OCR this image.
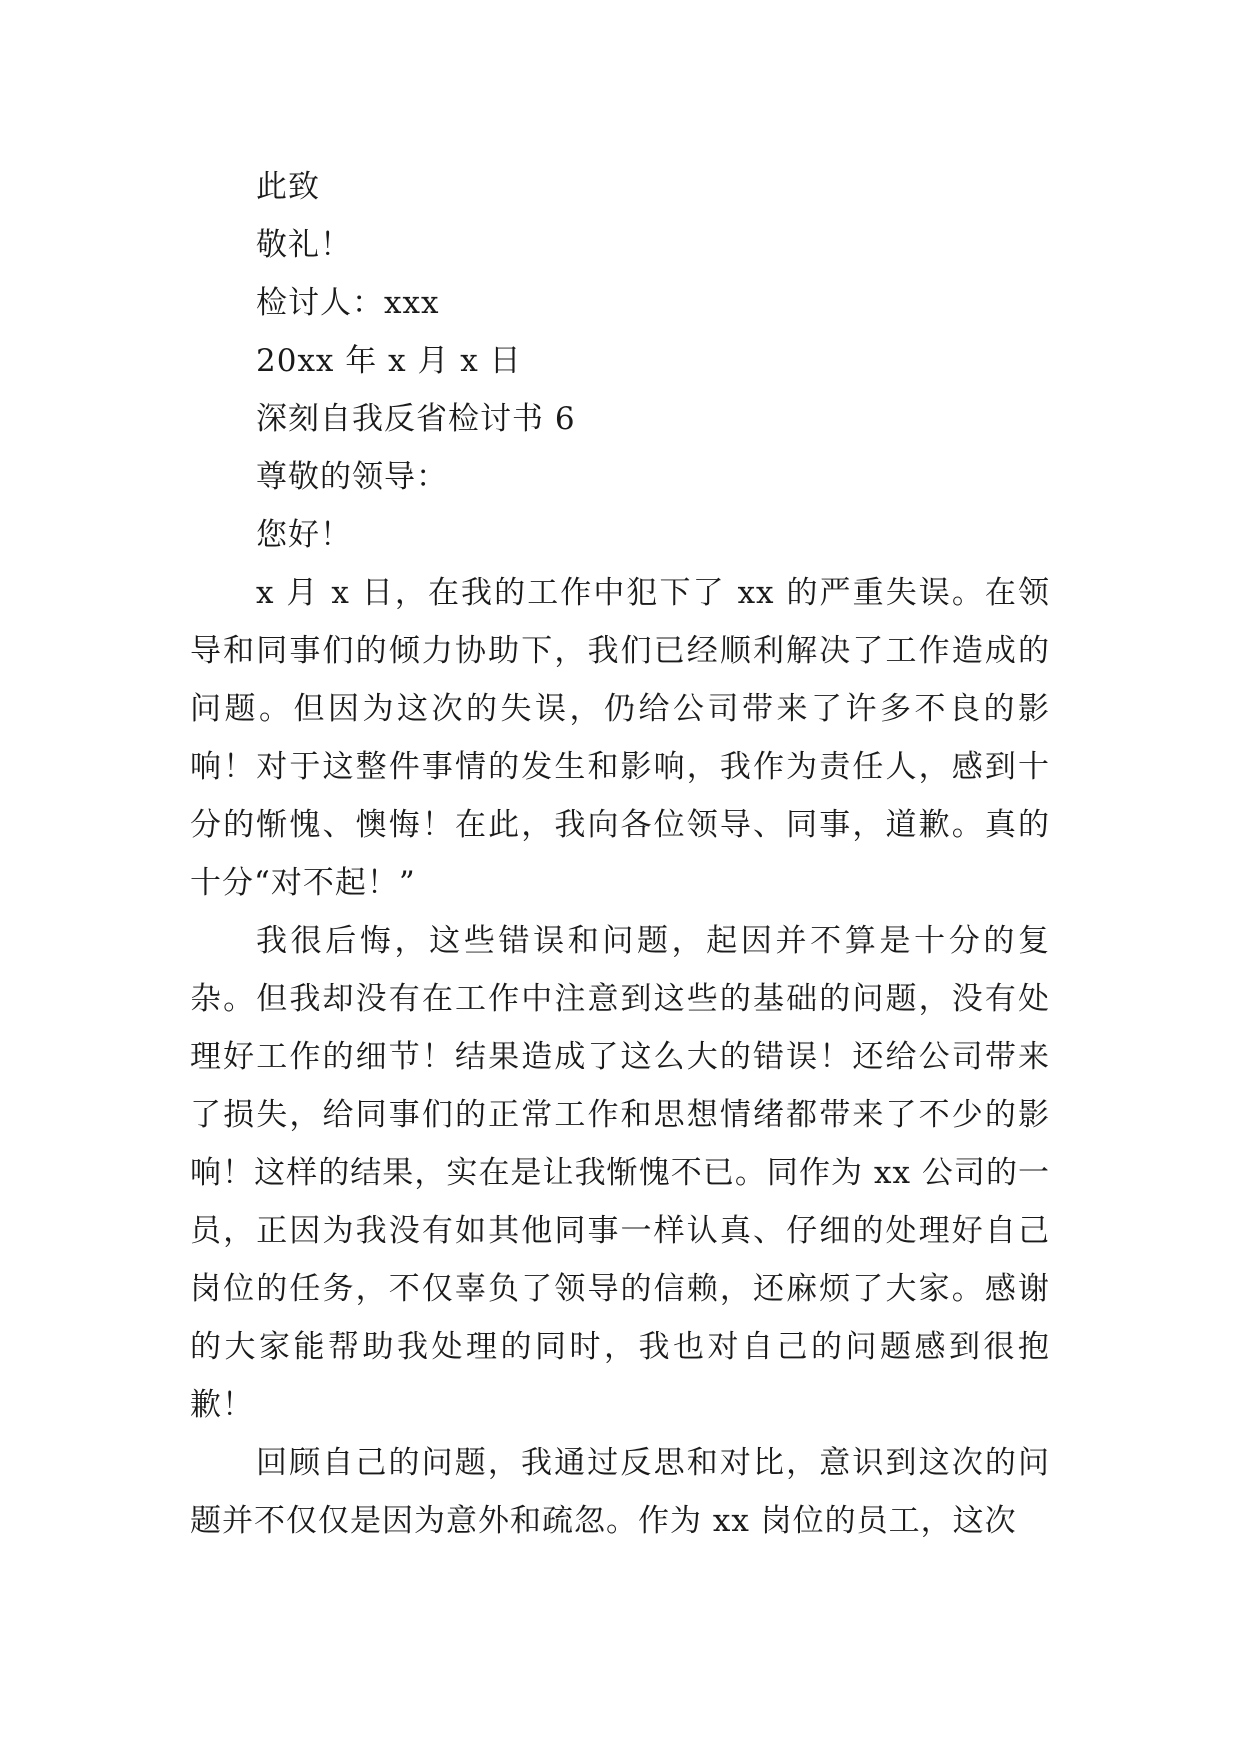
此致
敬礼！
检讨人：xxx
20xx 年 x 月 x 日
深刻自我反省检讨书 6
尊敬的领导：
您好！
x 月 x 日，在我的工作中犯下了 xx 的严重失误。在领导和同事们的倾力协助下，我们已经顺利解决了工作造成的问题。但因为这次的失误，仍给公司带来了许多不良的影响！对于这整件事情的发生和影响，我作为责任人，感到十分的惭愧、懊悔！在此，我向各位领导、同事，道歉。真的十分“对不起！”
我很后悔，这些错误和问题，起因并不算是十分的复杂。但我却没有在工作中注意到这些的基础的问题，没有处理好工作的细节！结果造成了这么大的错误！还给公司带来了损失，给同事们的正常工作和思想情绪都带来了不少的影响！这样的结果，实在是让我惭愧不已。同作为 xx 公司的一员，正因为我没有如其他同事一样认真、仔细的处理好自己岗位的任务，不仅辜负了领导的信赖，还麻烦了大家。感谢的大家能帮助我处理的同时，我也对自己的问题感到很抱歉！
回顾自己的问题，我通过反思和对比，意识到这次的问题并不仅仅是因为意外和疏忽。作为 xx 岗位的员工，这次
